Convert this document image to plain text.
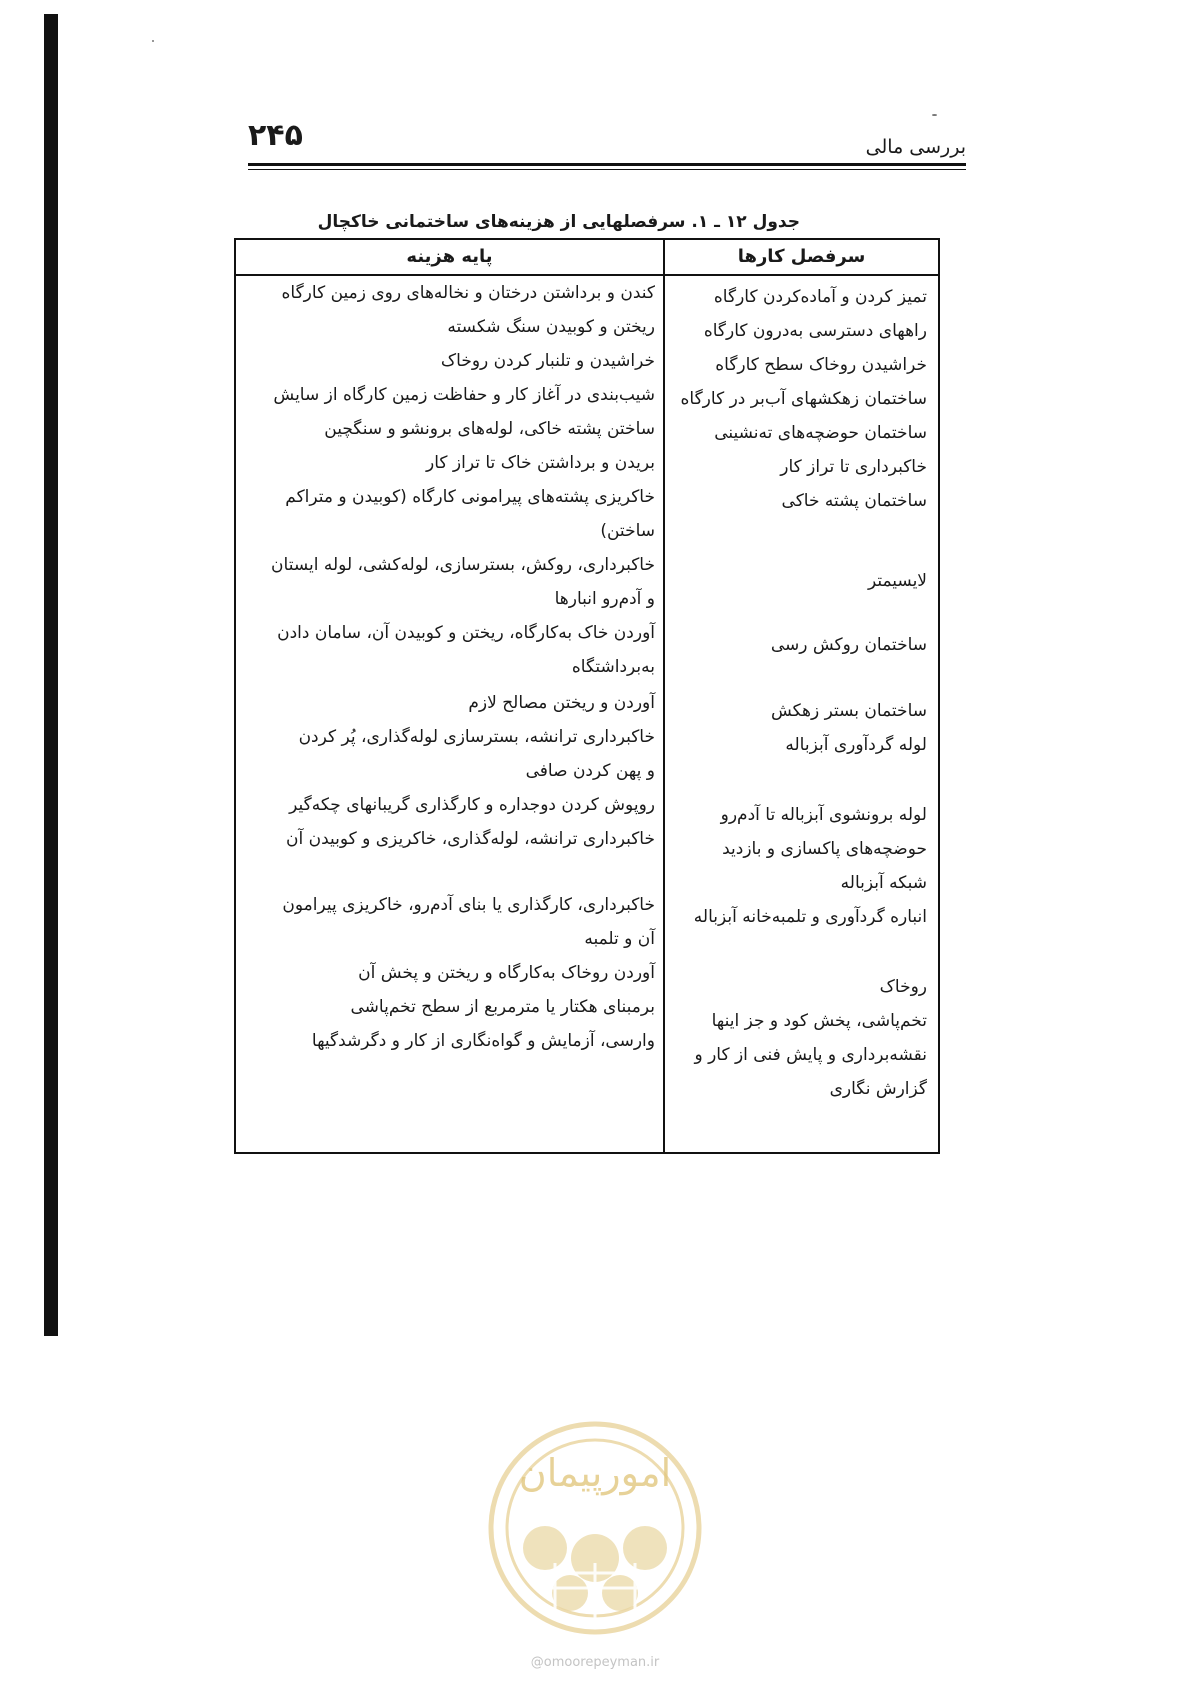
۲۴۵	بررسی مالی
جدول ۱۲ ـ ۱. سرفصلهایی از هزینه‌های ساختمانی خاکچال
پایه هزینه	سرفصل کارها
تمیز کردن و آماده‌کردن کارگاه
راههای دسترسی به‌درون کارگاه
خراشیدن روخاک سطح کارگاه
ساختمان زهکشهای آب‌بر در کارگاه
ساختمان حوضچه‌های ته‌نشینی
خاکبرداری تا تراز کار
ساختمان پشته خاکی
لایسیمتر
ساختمان روکش رسی
ساختمان بستر زهکش
لوله گردآوری آبزباله
لوله برونشوی آبزباله تا آدم‌رو
حوضچه‌های پاکسازی و بازدید
شبکه آبزباله
انباره گردآوری و تلمبه‌خانه آبزباله
روخاک
تخم‌پاشی، پخش کود و جز اینها
نقشه‌برداری و پایش فنی از کار و
گزارش نگاری
کندن و برداشتن درختان و نخاله‌های روی زمین کارگاه
ریختن و کوبیدن سنگ شکسته
خراشیدن و تلنبار کردن روخاک
شیب‌بندی در آغاز کار و حفاظت زمین کارگاه از سایش
ساختن پشته خاکی، لوله‌های برونشو و سنگچین
بریدن و برداشتن خاک تا تراز کار
خاکریزی پشته‌های پیرامونی کارگاه (کوبیدن و متراکم
ساختن)
خاکبرداری، روکش، بسترسازی، لوله‌کشی، لوله ایستان
و آدم‌رو انبارها
آوردن خاک به‌کارگاه، ریختن و کوبیدن آن، سامان دادن
به‌برداشتگاه
آوردن و ریختن مصالح لازم
خاکبرداری ترانشه، بسترسازی لوله‌گذاری، پُر کردن
و پهن کردن صافی
روپوش کردن دوجداره و کارگذاری گریبانهای چکه‌گیر
خاکبرداری ترانشه، لوله‌گذاری، خاکریزی و کوبیدن آن
خاکبرداری، کارگذاری یا بنای آدم‌رو، خاکریزی پیرامون
آن و تلمبه
آوردن روخاک به‌کارگاه و ریختن و پخش آن
برمبنای هکتار یا مترمربع از سطح تخم‌پاشی
وارسی، آزمایش و گواه‌نگاری از کار و دگرشدگیها
امورپیمان
@omoorepeyman.ir
